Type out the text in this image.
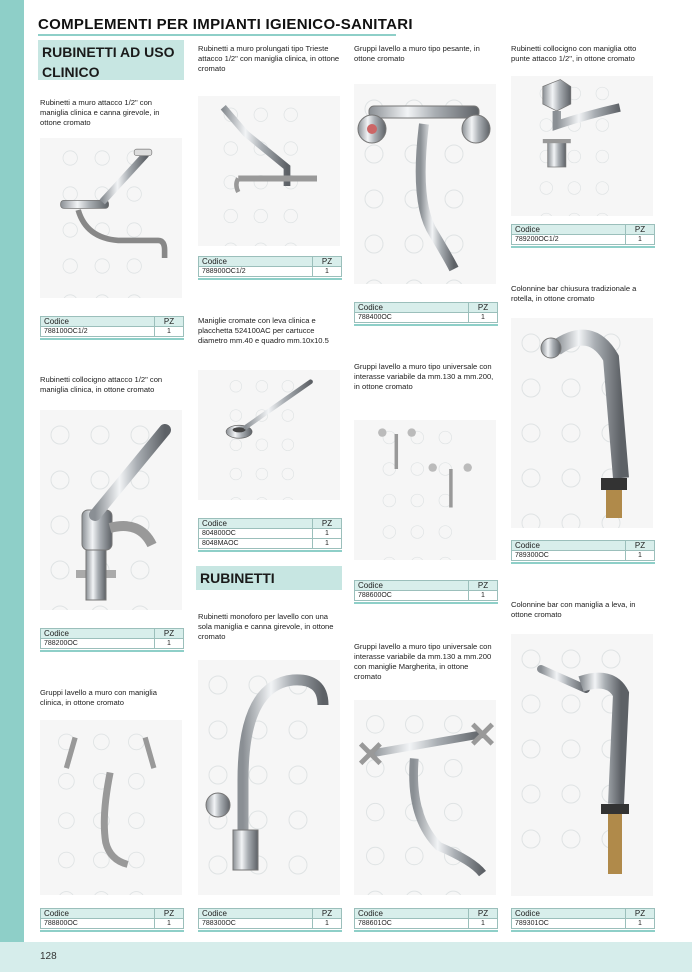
128
COMPLEMENTI PER IMPIANTI IGIENICO-SANITARI
RUBINETTI AD USO CLINICO
RUBINETTI
Rubinetti a muro attacco 1/2" con maniglia clinica e canna girevole, in ottone cromato
Codice	PZ
788100OC1/2	1
Rubinetti collocigno attacco 1/2" con maniglia clinica, in ottone cromato
Codice	PZ
788200OC	1
Gruppi lavello a muro con maniglia clinica, in ottone cromato
Codice	PZ
788800OC	1
Rubinetti a muro prolungati tipo Trieste attacco 1/2" con maniglia clinica, in ottone cromato
Codice	PZ
788900OC1/2	1
Maniglie cromate con leva clinica e placchetta 524100AC per cartucce diametro mm.40 e quadro mm.10x10.5
Codice	PZ
804800OC	1
8048MAOC	1
Rubinetti monoforo per lavello con una sola maniglia e canna girevole, in ottone cromato
Codice	PZ
788300OC	1
Gruppi lavello a muro tipo pesante, in ottone cromato
Codice	PZ
788400OC	1
Gruppi lavello a muro tipo universale con interasse variabile da mm.130 a mm.200, in ottone cromato
Codice	PZ
788600OC	1
Gruppi lavello a muro tipo universale con interasse variabile da mm.130 a mm.200 con maniglie Margherita, in ottone cromato
Codice	PZ
788601OC	1
Rubinetti collocigno con maniglia otto punte attacco 1/2", in ottone cromato
Codice	PZ
789200OC1/2	1
Colonnine bar chiusura tradizionale a rotella, in ottone cromato
Codice	PZ
789300OC	1
Colonnine bar con maniglia a leva, in ottone cromato
Codice	PZ
789301OC	1
